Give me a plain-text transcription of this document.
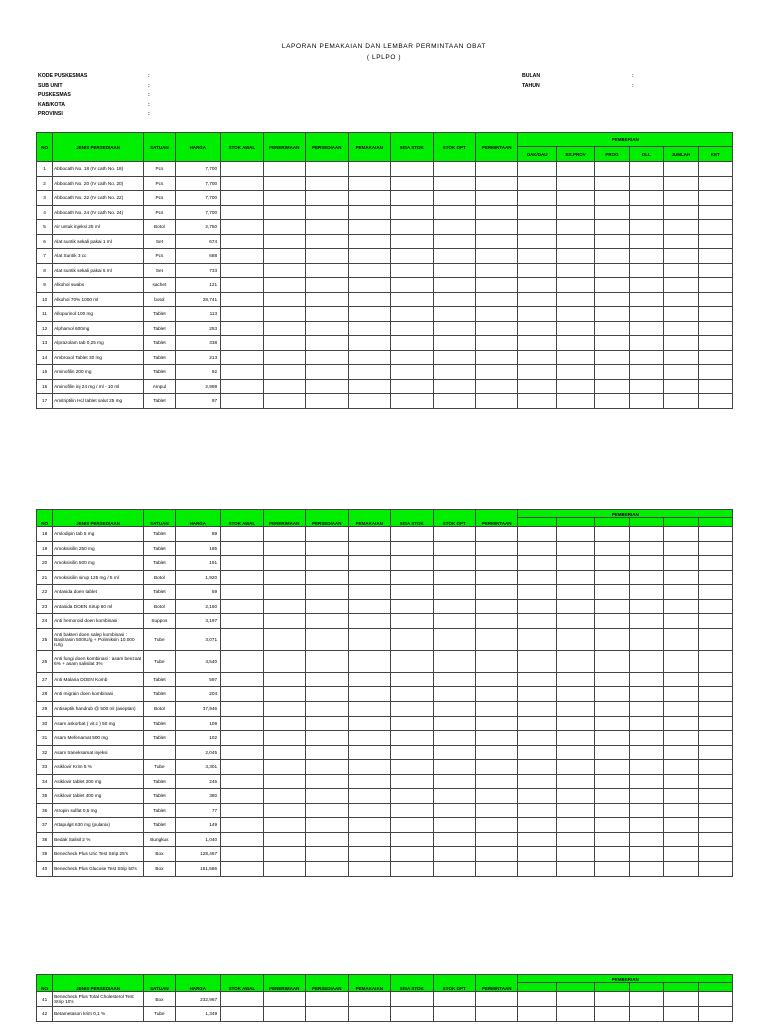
LAPORAN PEMAKAIAN DAN LEMBAR PERMINTAAN OBAT
( LPLPO )
KODE PUSKESMAS	:
SUB UNIT	:
PUSKESMAS	:
KAB/KOTA	:
PROVINSI	:
BULAN	:
TAHUN	:
NO	JENIS PERSEDIAAN	SATUAN	HARGA	STOK AWAL	PENERIMAAN	PERSEDIAAN	PEMAKAIAN	SISA STOK	STOK OPT	PERMINTAAN	PEMBERIAN					
											DAK/DAU	BS.PROV	PROG	DLL	JUMLAH	KET
1	Abbocath No. 18 (IV cath No. 18)	Pcs	7,700													
2	Abbocath No. 20 (IV cath No. 20)	Pcs	7,700													
3	Abbocath No. 22 (IV cath No. 22)	Pcs	7,700													
4	Abbocath No. 24 (IV cath No. 24)	Pcs	7,700													
5	Air untuk injeksi 25 ml	Botol	2,750													
6	Alat suntik sekali pakai 1 ml	Set	674													
7	Alat Suntik 3 cc	Pcs	688													
8	Alat suntik sekali pakai 5 ml	Set	733													
9	Alkohol swabs	sachet	121													
10	Alkohol 70% 1000 ml	botol	28,741													
11	Allopurinol 100 mg	Tablet	113													
12	Alphamol 600mg	Tablet	253													
13	Alprazolam tab 0,25 mg	Tablet	338													
14	Ambroxol Tablet 30 mg	Tablet	213													
15	Aminofilin 200 mg	Tablet	92													
16	Aminofilin inj 24 mg / ml - 10 ml	Ampul	2,998													
17	Amitriptilin Hcl tablet salut 25 mg	Tablet	97													
NO	JENIS PERSEDIAAN	SATUAN	HARGA	STOK AWAL	PENERIMAAN	PERSEDIAAN	PEMAKAIAN	SISA STOK	STOK OPT	PERMINTAAN	PEMBERIAN					

18	Amlodipin tab 5 mg	Tablet	89													
19	Amoksisilin 250 mg	Tablet	185													
20	Amoksisilin 500 mg	Tablet	191													
21	Amoksisilin sirup 125 mg / 5 ml	Botol	1,920													
22	Antasida doen tablet	Tablet	59													
23	Antasida DOEN Sirup 60 ml	Botol	2,160													
24	Anti hemoroid doen kombinasi	Suppos	3,197													
25	Anti bakteri doen salep kombinasi : Basitrasin 500IU/g + Polimiksin 10.000 IU/g	Tube	3,071													
26	Anti fungi doen kombinasi : asam benzoat 6% + asam salisilat 3%	Tube	4,540													
27	Anti Malaria DOEN Komb	Tablet	597													
28	Anti migrain doen kombinasi	Tablet	204													
29	Antiseptik handrub @ 500 ml (aseptan)	Botol	37,946													
30	Asam askorbat ( vit.c ) 50 mg	Tablet	109													
31	Asam Mefenamat 500 mg	Tablet	102													
32	Asam traneksamat injeksi		2,045													
33	Asiklovir Krim 5 %	Tube	3,301													
34	Asiklovir tablet 200 mg	Tablet	245													
35	Asiklovir tablet 400 mg	Tablet	380													
36	Atropin sulfat 0,5 mg	Tablet	77													
37	Attapulgit 630 mg (pulanix)	Tablet	149													
38	Bedak Salisil 2 %	Bungkus	1,040													
39	Benecheck Plus Uric Test Strip 25's	Box	128,467													
40	Benecheck Plus Glucose Test Strip 50's	Box	151,586													
NO	JENIS PERSEDIAAN	SATUAN	HARGA	STOK AWAL	PENERIMAAN	PERSEDIAAN	PEMAKAIAN	SISA STOK	STOK OPT	PERMINTAAN	PEMBERIAN					

41	Benecheck Plus Total Cholesterol Test Strip 10's	Box	232,967													
42	Betametason krim 0,1 %	Tube	1,349													
